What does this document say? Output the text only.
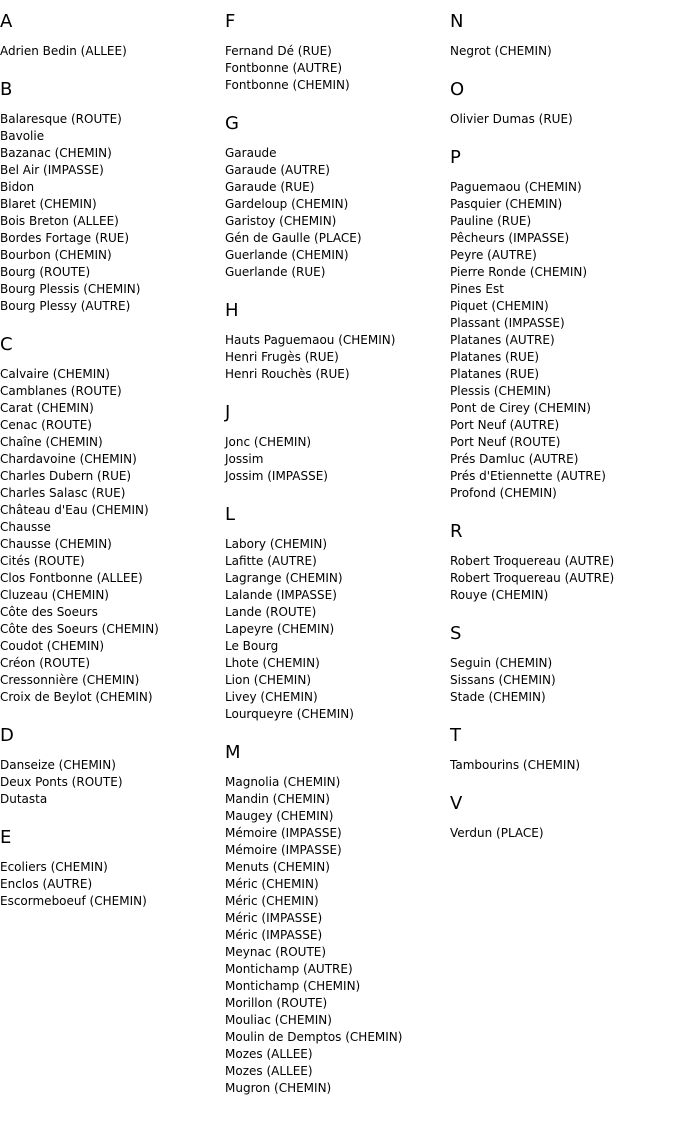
A
Adrien Bedin (ALLEE)
B
Balaresque (ROUTE)
Bavolie
Bazanac (CHEMIN)
Bel Air (IMPASSE)
Bidon
Blaret (CHEMIN)
Bois Breton (ALLEE)
Bordes Fortage (RUE)
Bourbon (CHEMIN)
Bourg (ROUTE)
Bourg Plessis (CHEMIN)
Bourg Plessy (AUTRE)
C
Calvaire (CHEMIN)
Camblanes (ROUTE)
Carat (CHEMIN)
Cenac (ROUTE)
Chaîne (CHEMIN)
Chardavoine (CHEMIN)
Charles Dubern (RUE)
Charles Salasc (RUE)
Château d'Eau (CHEMIN)
Chausse
Chausse (CHEMIN)
Cités (ROUTE)
Clos Fontbonne (ALLEE)
Cluzeau (CHEMIN)
Côte des Soeurs
Côte des Soeurs (CHEMIN)
Coudot (CHEMIN)
Créon (ROUTE)
Cressonnière (CHEMIN)
Croix de Beylot (CHEMIN)
D
Danseize (CHEMIN)
Deux Ponts (ROUTE)
Dutasta
E
Ecoliers (CHEMIN)
Enclos (AUTRE)
Escormeboeuf (CHEMIN)
F
Fernand Dé (RUE)
Fontbonne (AUTRE)
Fontbonne (CHEMIN)
G
Garaude
Garaude (AUTRE)
Garaude (RUE)
Gardeloup (CHEMIN)
Garistoy (CHEMIN)
Gén de Gaulle (PLACE)
Guerlande (CHEMIN)
Guerlande (RUE)
H
Hauts Paguemaou (CHEMIN)
Henri Frugès (RUE)
Henri Rouchès (RUE)
J
Jonc (CHEMIN)
Jossim
Jossim (IMPASSE)
L
Labory (CHEMIN)
Lafitte (AUTRE)
Lagrange (CHEMIN)
Lalande (IMPASSE)
Lande (ROUTE)
Lapeyre (CHEMIN)
Le Bourg
Lhote (CHEMIN)
Lion (CHEMIN)
Livey (CHEMIN)
Lourqueyre (CHEMIN)
M
Magnolia (CHEMIN)
Mandin (CHEMIN)
Maugey (CHEMIN)
Mémoire (IMPASSE)
Mémoire (IMPASSE)
Menuts (CHEMIN)
Méric (CHEMIN)
Méric (CHEMIN)
Méric (IMPASSE)
Méric (IMPASSE)
Meynac (ROUTE)
Montichamp (AUTRE)
Montichamp (CHEMIN)
Morillon (ROUTE)
Mouliac (CHEMIN)
Moulin de Demptos (CHEMIN)
Mozes (ALLEE)
Mozes (ALLEE)
Mugron (CHEMIN)
N
Negrot (CHEMIN)
O
Olivier Dumas (RUE)
P
Paguemaou (CHEMIN)
Pasquier (CHEMIN)
Pauline (RUE)
Pêcheurs (IMPASSE)
Peyre (AUTRE)
Pierre Ronde (CHEMIN)
Pines Est
Piquet (CHEMIN)
Plassant (IMPASSE)
Platanes (AUTRE)
Platanes (RUE)
Platanes (RUE)
Plessis (CHEMIN)
Pont de Cirey (CHEMIN)
Port Neuf (AUTRE)
Port Neuf (ROUTE)
Prés Damluc (AUTRE)
Prés d'Etiennette (AUTRE)
Profond (CHEMIN)
R
Robert Troquereau (AUTRE)
Robert Troquereau (AUTRE)
Rouye (CHEMIN)
S
Seguin (CHEMIN)
Sissans (CHEMIN)
Stade (CHEMIN)
T
Tambourins (CHEMIN)
V
Verdun (PLACE)
